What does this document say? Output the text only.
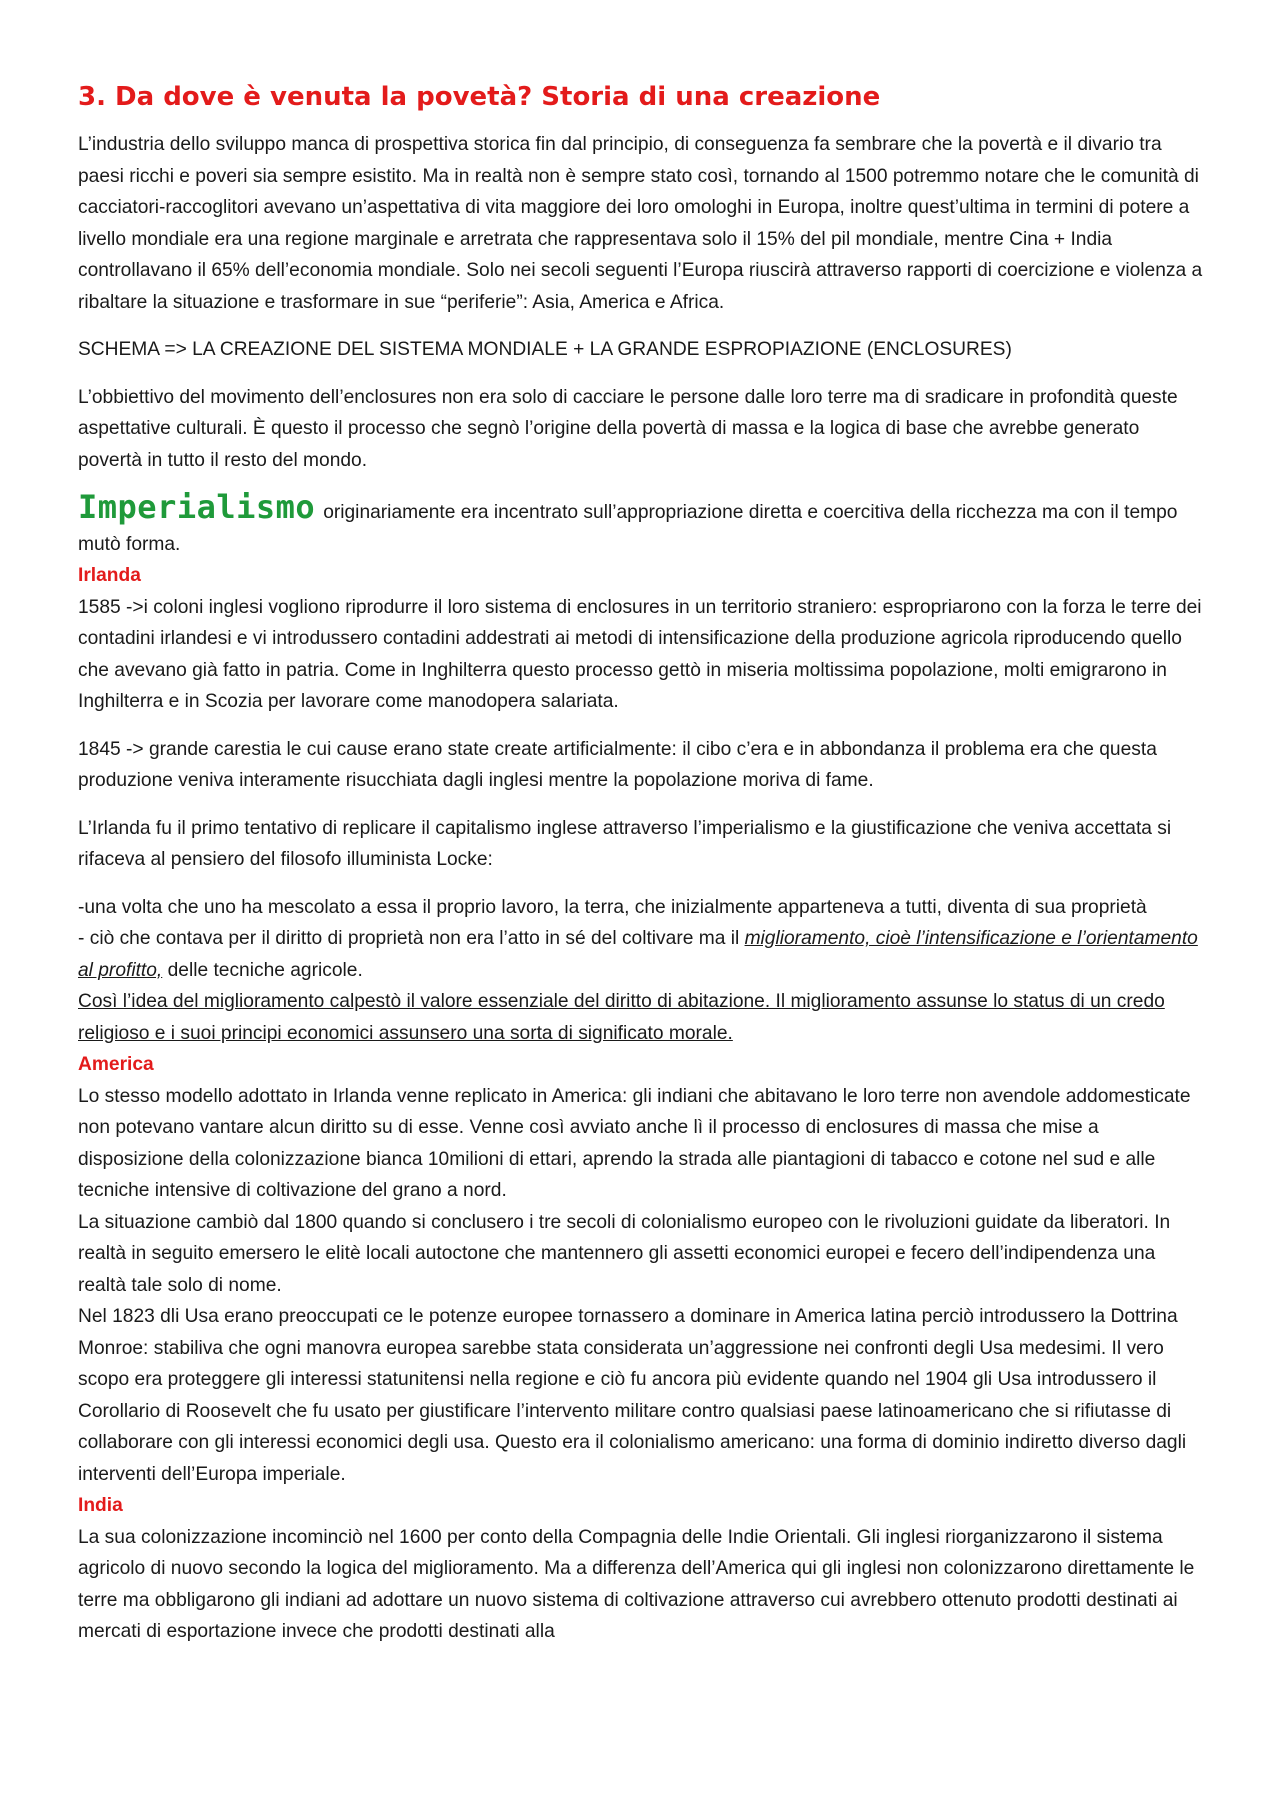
3. Da dove è venuta la povetà? Storia di una creazione

L’industria dello sviluppo manca di prospettiva storica fin dal principio, di conseguenza fa sembrare che la povertà e il divario tra paesi ricchi e poveri sia sempre esistito. Ma in realtà non è sempre stato così, tornando al 1500 potremmo notare che le comunità di cacciatori-raccoglitori avevano un’aspettativa di vita maggiore dei loro omologhi in Europa, inoltre quest’ultima in termini di potere a livello mondiale era una regione marginale e arretrata che rappresentava solo il 15% del pil mondiale, mentre Cina + India controllavano il 65% dell’economia mondiale. Solo nei secoli seguenti l’Europa riuscirà attraverso rapporti di coercizione e violenza a ribaltare la situazione e trasformare in sue “periferie”: Asia, America e Africa.

SCHEMA => LA CREAZIONE DEL SISTEMA MONDIALE + LA GRANDE ESPROPIAZIONE (ENCLOSURES)

L’obbiettivo del movimento dell’enclosures non era solo di cacciare le persone dalle loro terre ma di sradicare in profondità queste aspettative culturali. È questo il processo che segnò l’origine della povertà di massa e la logica di base che avrebbe generato povertà in tutto il resto del mondo.

Imperialismo originariamente era incentrato sull’appropriazione diretta e coercitiva della ricchezza ma con il tempo mutò forma.

Irlanda

1585 ->i coloni inglesi vogliono riprodurre il loro sistema di enclosures in un territorio straniero: espropriarono con la forza le terre dei contadini irlandesi e vi introdussero contadini addestrati ai metodi di intensificazione della produzione agricola riproducendo quello che avevano già fatto in patria. Come in Inghilterra questo processo gettò in miseria moltissima popolazione, molti emigrarono in Inghilterra e in Scozia per lavorare come manodopera salariata.

1845 -> grande carestia le cui cause erano state create artificialmente: il cibo c’era e in abbondanza il problema era che questa produzione veniva interamente risucchiata dagli inglesi mentre la popolazione moriva di fame.

L’Irlanda fu il primo tentativo di replicare il capitalismo inglese attraverso l’imperialismo e la giustificazione che veniva accettata si rifaceva al pensiero del filosofo illuminista Locke:

-una volta che uno ha mescolato a essa il proprio lavoro, la terra, che inizialmente apparteneva a tutti, diventa di sua proprietà

- ciò che contava per il diritto di proprietà non era l’atto in sé del coltivare ma il miglioramento, cioè l’intensificazione e l’orientamento al profitto, delle tecniche agricole.

Così l’idea del miglioramento calpestò il valore essenziale del diritto di abitazione. Il miglioramento assunse lo status di un credo religioso e i suoi principi economici assunsero una sorta di significato morale.

America

Lo stesso modello adottato in Irlanda venne replicato in America: gli indiani che abitavano le loro terre non avendole addomesticate non potevano vantare alcun diritto su di esse. Venne così avviato anche lì il processo di enclosures di massa che mise a disposizione della colonizzazione bianca 10milioni di ettari, aprendo la strada alle piantagioni di tabacco e cotone nel sud e alle tecniche intensive di coltivazione del grano a nord.

La situazione cambiò dal 1800 quando si conclusero i tre secoli di colonialismo europeo con le rivoluzioni guidate da liberatori. In realtà in seguito emersero le elitè locali autoctone che mantennero gli assetti economici europei e fecero dell’indipendenza una realtà tale solo di nome.

Nel 1823 dli Usa erano preoccupati ce le potenze europee tornassero a dominare in America latina perciò introdussero la Dottrina Monroe: stabiliva che ogni manovra europea sarebbe stata considerata un’aggressione nei confronti degli Usa medesimi. Il vero scopo era proteggere gli interessi statunitensi nella regione e ciò fu ancora più evidente quando nel 1904 gli Usa introdussero il Corollario di Roosevelt che fu usato per giustificare l’intervento militare contro qualsiasi paese latinoamericano che si rifiutasse di collaborare con gli interessi economici degli usa. Questo era il colonialismo americano: una forma di dominio indiretto diverso dagli interventi dell’Europa imperiale.

India

La sua colonizzazione incominciò nel 1600 per conto della Compagnia delle Indie Orientali. Gli inglesi riorganizzarono il sistema agricolo di nuovo secondo la logica del miglioramento. Ma a differenza dell’America qui gli inglesi non colonizzarono direttamente le terre ma obbligarono gli indiani ad adottare un nuovo sistema di coltivazione attraverso cui avrebbero ottenuto prodotti destinati ai mercati di esportazione invece che prodotti destinati alla
